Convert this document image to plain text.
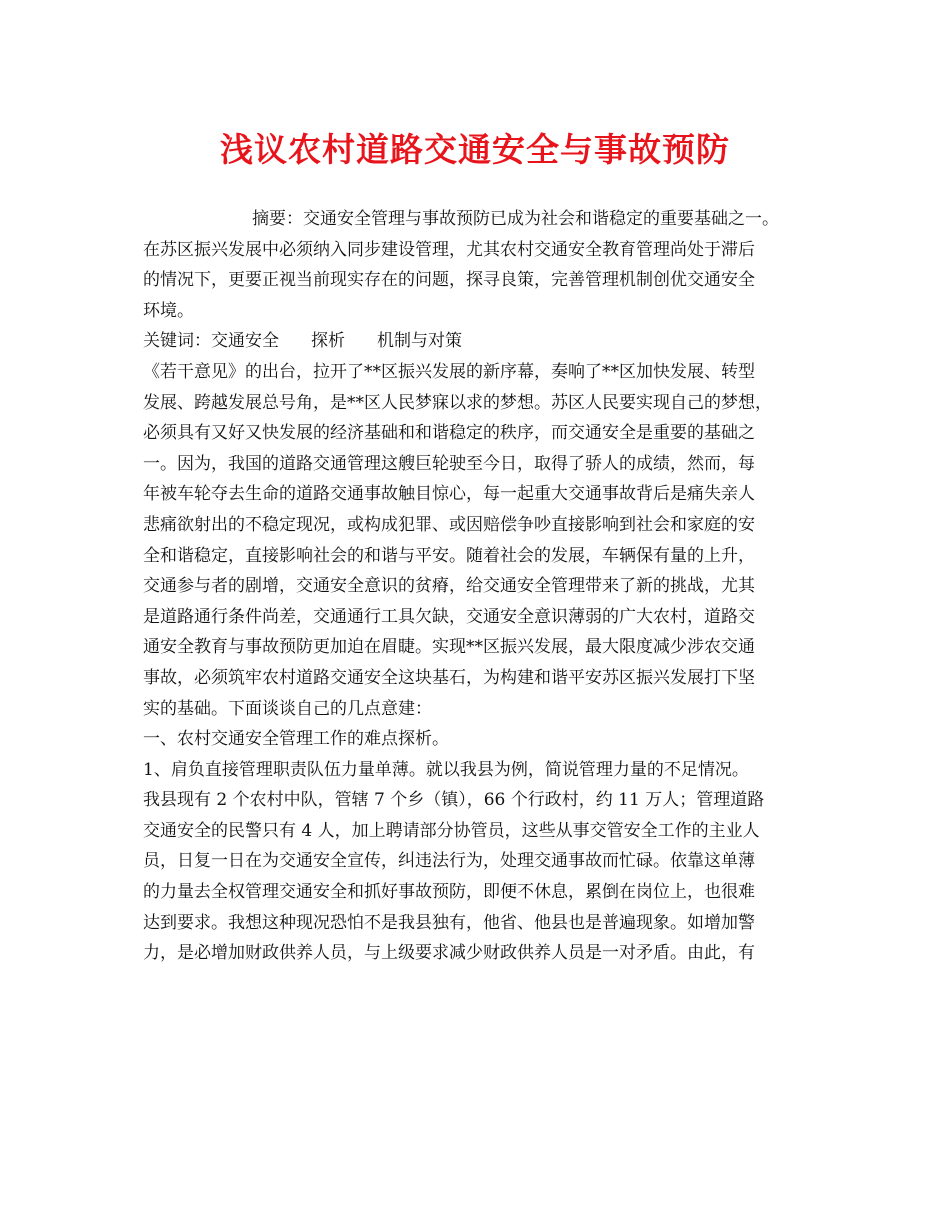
浅议农村道路交通安全与事故预防
摘要：交通安全管理与事故预防已成为社会和谐稳定的重要基础之一。
在苏区振兴发展中必须纳入同步建设管理，尤其农村交通安全教育管理尚处于滞后
的情况下，更要正视当前现实存在的问题，探寻良策，完善管理机制创优交通安全
环境。
关键词：交通安全 探析 机制与对策
《若干意见》的出台，拉开了**区振兴发展的新序幕，奏响了**区加快发展、转型
发展、跨越发展总号角，是**区人民梦寐以求的梦想。苏区人民要实现自己的梦想，
必须具有又好又快发展的经济基础和和谐稳定的秩序，而交通安全是重要的基础之
一。因为，我国的道路交通管理这艘巨轮驶至今日，取得了骄人的成绩，然而，每
年被车轮夺去生命的道路交通事故触目惊心，每一起重大交通事故背后是痛失亲人
悲痛欲射出的不稳定现况，或构成犯罪、或因赔偿争吵直接影响到社会和家庭的安
全和谐稳定，直接影响社会的和谐与平安。随着社会的发展，车辆保有量的上升，
交通参与者的剧增，交通安全意识的贫瘠，给交通安全管理带来了新的挑战，尤其
是道路通行条件尚差，交通通行工具欠缺，交通安全意识薄弱的广大农村，道路交
通安全教育与事故预防更加迫在眉睫。实现**区振兴发展，最大限度减少涉农交通
事故，必须筑牢农村道路交通安全这块基石，为构建和谐平安苏区振兴发展打下坚
实的基础。下面谈谈自己的几点意建：
一、农村交通安全管理工作的难点探析。
1、肩负直接管理职责队伍力量单薄。就以我县为例，简说管理力量的不足情况。
我县现有 2 个农村中队，管辖 7 个乡（镇），66 个行政村，约 11 万人；管理道路
交通安全的民警只有 4 人，加上聘请部分协管员，这些从事交管安全工作的主业人
员，日复一日在为交通安全宣传，纠违法行为，处理交通事故而忙碌。依靠这单薄
的力量去全权管理交通安全和抓好事故预防，即便不休息，累倒在岗位上，也很难
达到要求。我想这种现况恐怕不是我县独有，他省、他县也是普遍现象。如增加警
力，是必增加财政供养人员，与上级要求减少财政供养人员是一对矛盾。由此，有
